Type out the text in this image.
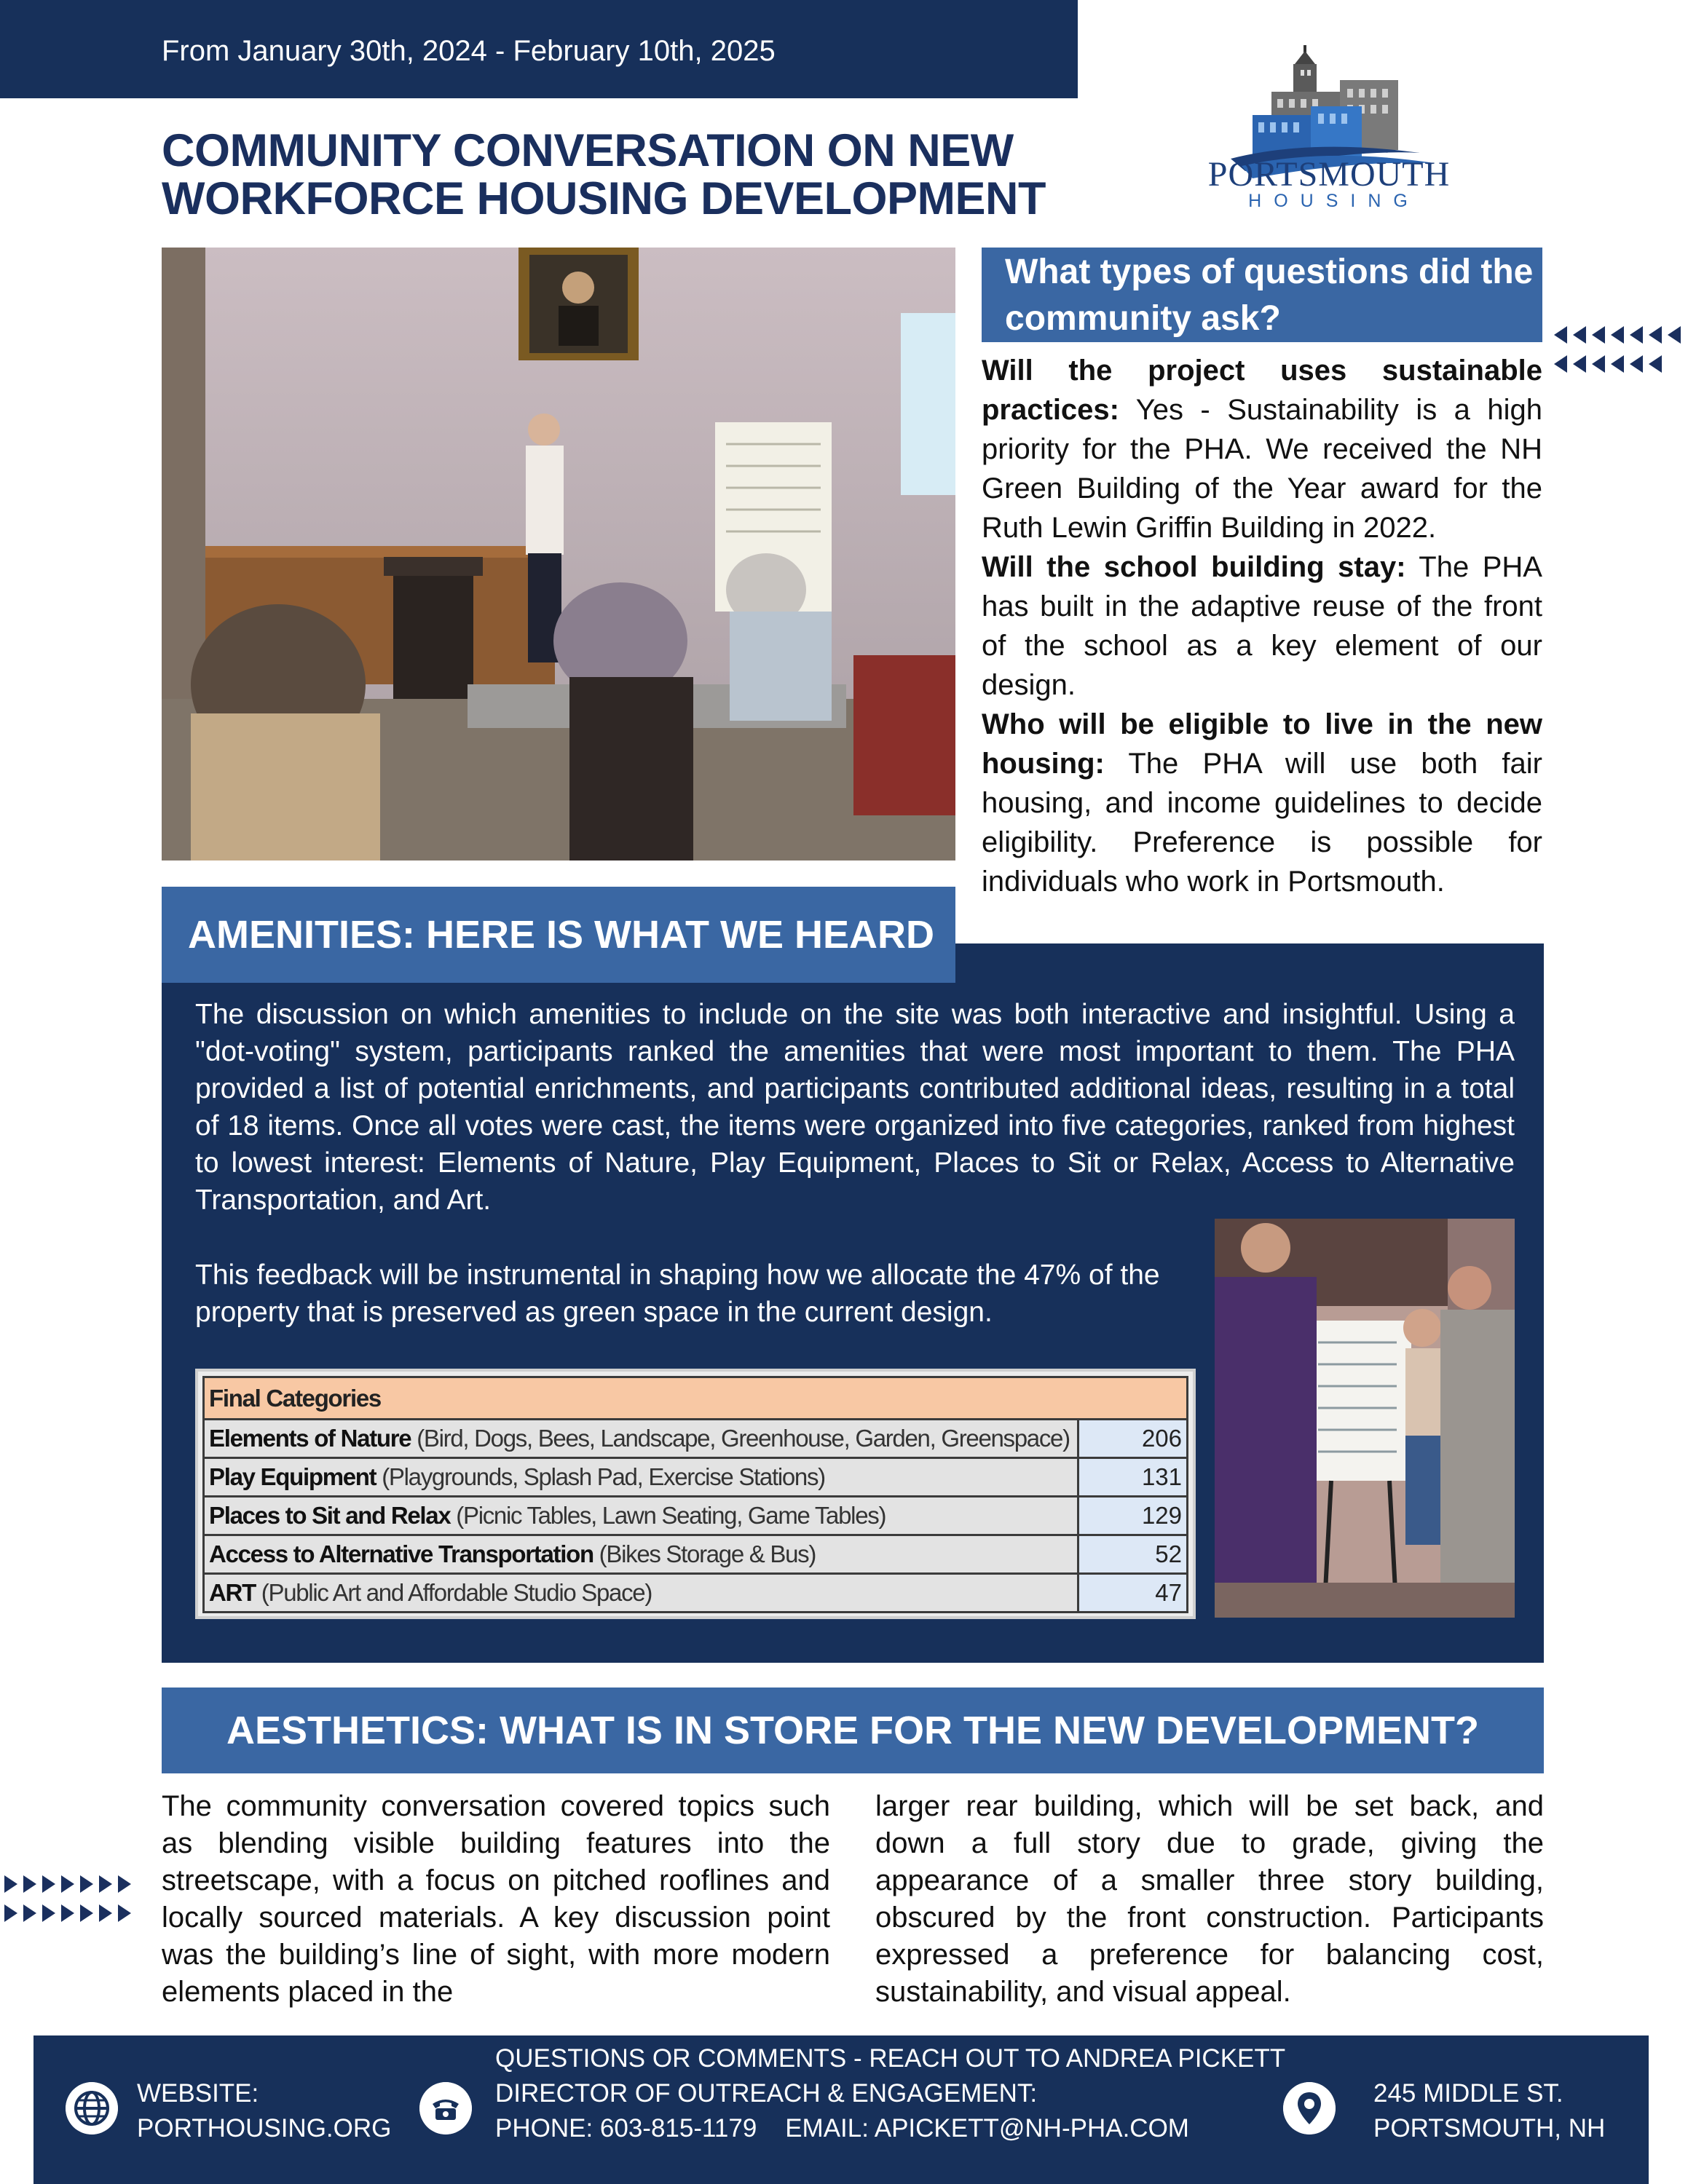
From January 30th, 2024 - February 10th, 2025
COMMUNITY CONVERSATION ON NEW
WORKFORCE HOUSING DEVELOPMENT	PORTSMOUTH
HOUSING
What types of questions did the community ask?

Will the project uses sustainable practices: Yes - Sustainability is a high priority for the PHA. We received the NH Green Building of the Year award for the Ruth Lewin Griffin Building in 2022.

Will the school building stay: The PHA has built in the adaptive reuse of the front of the school as a key element of our design.

Who will be eligible to live in the new housing: The PHA will use both fair housing, and income guidelines to decide eligibility. Preference is possible for individuals who work in Portsmouth.

AMENITIES: HERE IS WHAT WE HEARD
The discussion on which amenities to include on the site was both interactive and insightful. Using a "dot-voting" system, participants ranked the amenities that were most important to them. The PHA provided a list of potential enrichments, and participants contributed additional ideas, resulting in a total of 18 items. Once all votes were cast, the items were organized into five categories, ranked from highest to lowest interest: Elements of Nature, Play Equipment, Places to Sit or Relax, Access to Alternative Transportation, and Art.
This feedback will be instrumental in shaping how we allocate the 47% of the property that is preserved as green space in the current design.
Final Categories	
Elements of Nature (Bird, Dogs, Bees, Landscape, Greenhouse, Garden, Greenspace)	206
Play Equipment (Playgrounds, Splash Pad, Exercise Stations)	131
Places to Sit and Relax (Picnic Tables, Lawn Seating, Game Tables)	129
Access to Alternative Transportation (Bikes Storage & Bus)	52
ART (Public Art and Affordable Studio Space)	47
AESTHETICS: WHAT IS IN STORE FOR THE NEW DEVELOPMENT?
The community conversation covered topics such as blending visible building features into the streetscape, with a focus on pitched rooflines and locally sourced materials. A key discussion point was the building’s line of sight, with more modern elements placed in the
larger rear building, which will be set back, and down a full story due to grade, giving the appearance of a smaller three story building, obscured by the front construction. Participants expressed a preference for balancing cost, sustainability, and visual appeal.
WEBSITE:
PORTHOUSING.ORG
QUESTIONS OR COMMENTS - REACH OUT TO ANDREA PICKETT
DIRECTOR OF OUTREACH & ENGAGEMENT:
PHONE: 603-815-1179 EMAIL: APICKETT@NH-PHA.COM
245 MIDDLE ST.
PORTSMOUTH, NH
